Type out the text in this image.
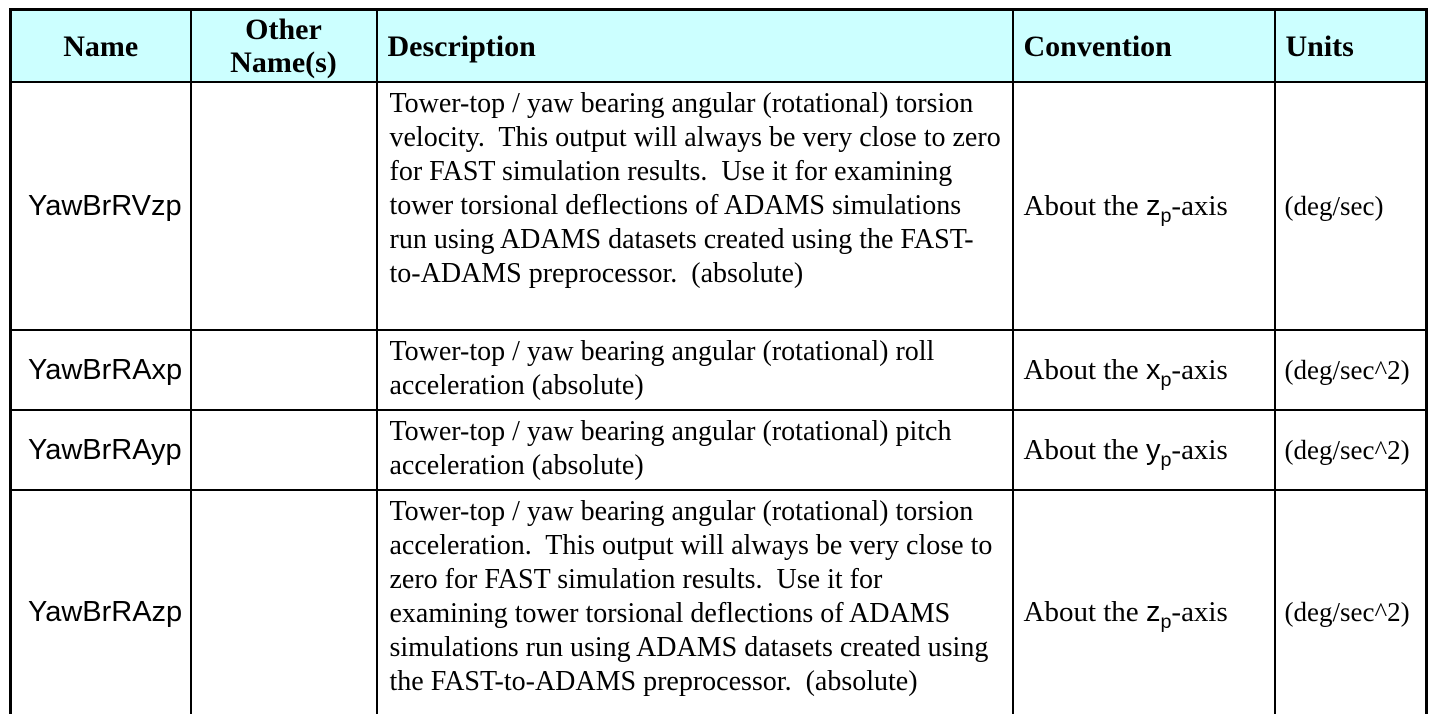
Name	Other Name(s)	Description	Convention	Units
YawBrRVzp		Tower-top / yaw bearing angular (rotational) torsion velocity.  This output will always be very close to zero for FAST simulation results.  Use it for examining tower torsional deflections of ADAMS simulations run using ADAMS datasets created using the FAST-to-ADAMS preprocessor.  (absolute)	About the $z_p$-axis	(deg/sec)
YawBrRAxp		Tower-top / yaw bearing angular (rotational) roll acceleration (absolute)	About the $x_p$-axis	(deg/sec^2)
YawBrRAyp		Tower-top / yaw bearing angular (rotational) pitch acceleration (absolute)	About the $y_p$-axis	(deg/sec^2)
YawBrRAzp		Tower-top / yaw bearing angular (rotational) torsion acceleration.  This output will always be very close to zero for FAST simulation results.  Use it for examining tower torsional deflections of ADAMS simulations run using ADAMS datasets created using the FAST-to-ADAMS preprocessor.  (absolute)	About the $z_p$-axis	(deg/sec^2)
